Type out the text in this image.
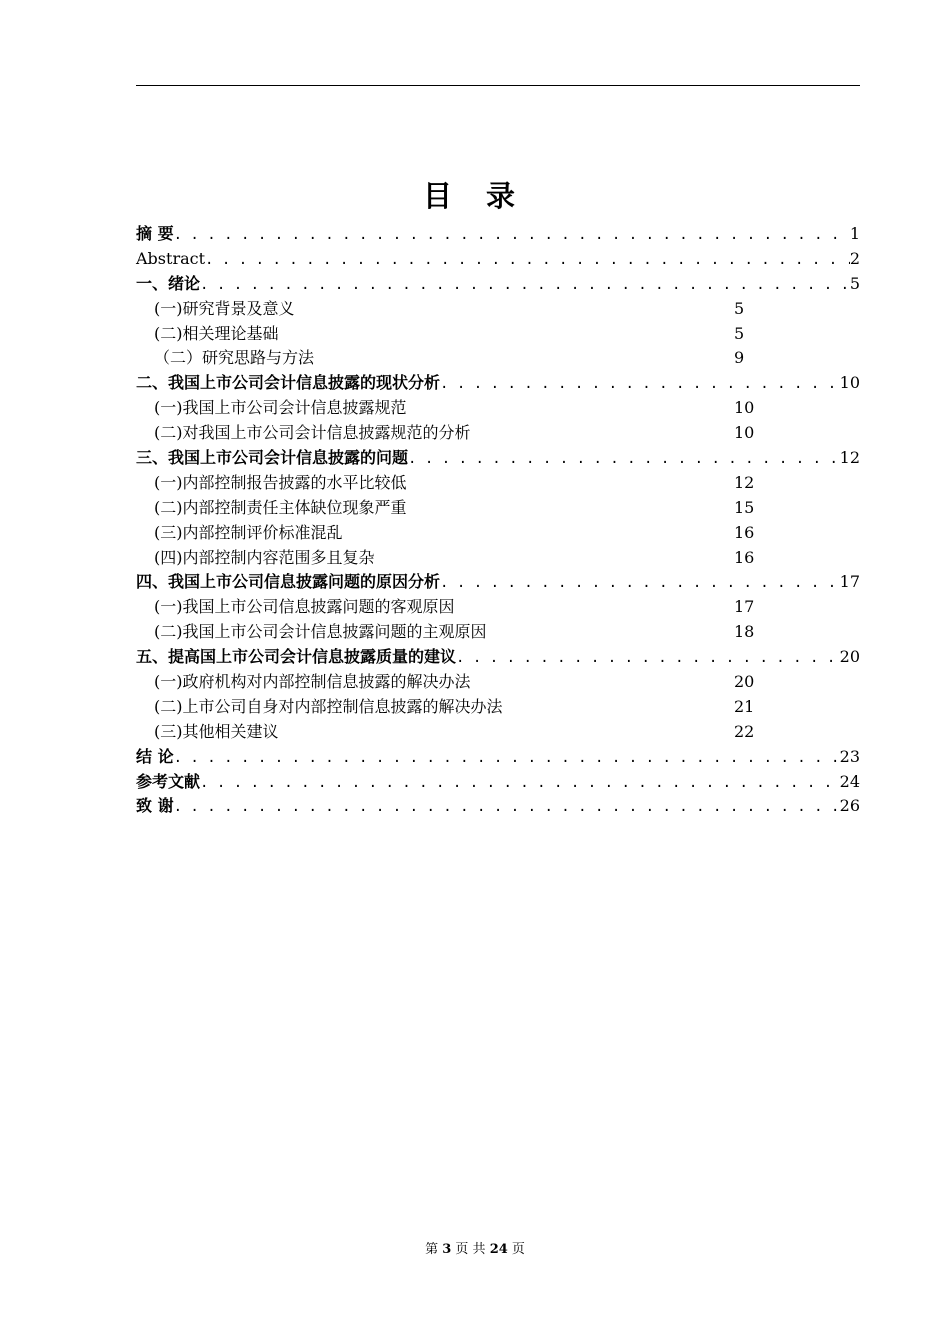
目 录
摘 要 . . .	1
Abstract . . .	2
一、绪论 . . .	5
(一)研究背景及意义	5
(二)相关理论基础	5
（二）研究思路与方法	9
二、我国上市公司会计信息披露的现状分析 . . .	10
(一)我国上市公司会计信息披露规范	10
(二)对我国上市公司会计信息披露规范的分析	10
三、我国上市公司会计信息披露的问题 . . .	12
(一)内部控制报告披露的水平比较低	12
(二)内部控制责任主体缺位现象严重	15
(三)内部控制评价标准混乱	16
(四)内部控制内容范围多且复杂	16
四、我国上市公司信息披露问题的原因分析 . . .	17
(一)我国上市公司信息披露问题的客观原因	17
(二)我国上市公司会计信息披露问题的主观原因	18
五、提高国上市公司会计信息披露质量的建议 . . .	20
(一)政府机构对内部控制信息披露的解决办法	20
(二)上市公司自身对内部控制信息披露的解决办法	21
(三)其他相关建议	22
结 论 . . .	23
参考文献 . . .	24
致 谢 . . .	26
第 3 页 共 24 页
